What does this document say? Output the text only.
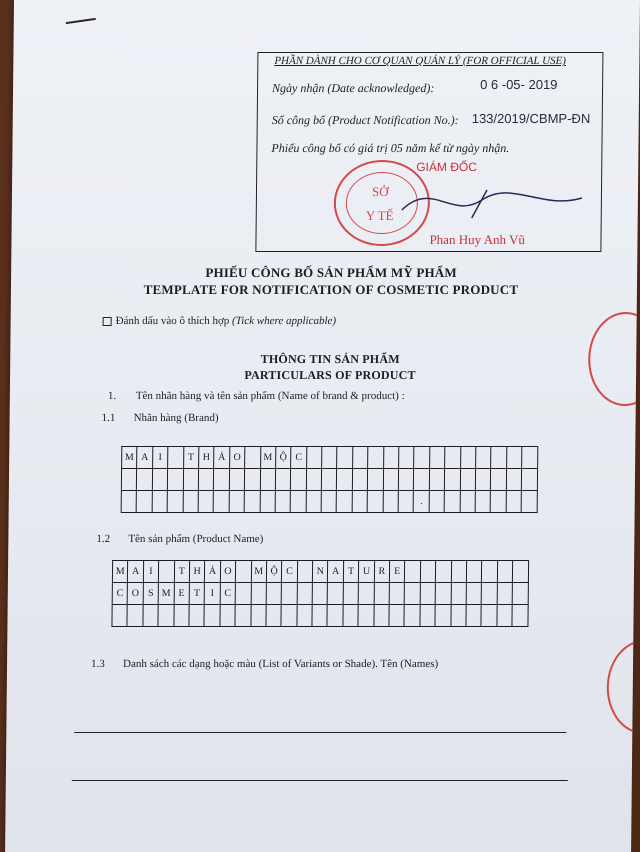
PHẦN DÀNH CHO CƠ QUAN QUẢN LÝ (FOR OFFICIAL USE)
Ngày nhận (Date acknowledged):	0 6 -05- 2019
Số công bố (Product Notification No.): 133/2019/CBMP-ĐN
Phiếu công bố có giá trị 05 năm kể từ ngày nhận.
SỞ
Y TẾ
GIÁM ĐỐC
Phan Huy Anh Vũ
PHIẾU CÔNG BỐ SẢN PHẨM MỸ PHẨM
TEMPLATE FOR NOTIFICATION OF COSMETIC PRODUCT
Đánh dấu vào ô thích hợp (Tick where applicable)
THÔNG TIN SẢN PHẨM
PARTICULARS OF PRODUCT
1. Tên nhãn hàng và tên sản phẩm (Name of brand & product) :
1.1 Nhãn hàng (Brand)
M A I	T H Ả O	M Ộ C
.
1.2 Tên sản phẩm (Product Name)
M A I	T H Ả O	M Ộ C	N A T U R E
C O S M E T	I	C
1.3 Danh sách các dạng hoặc màu (List of Variants or Shade). Tên (Names)
